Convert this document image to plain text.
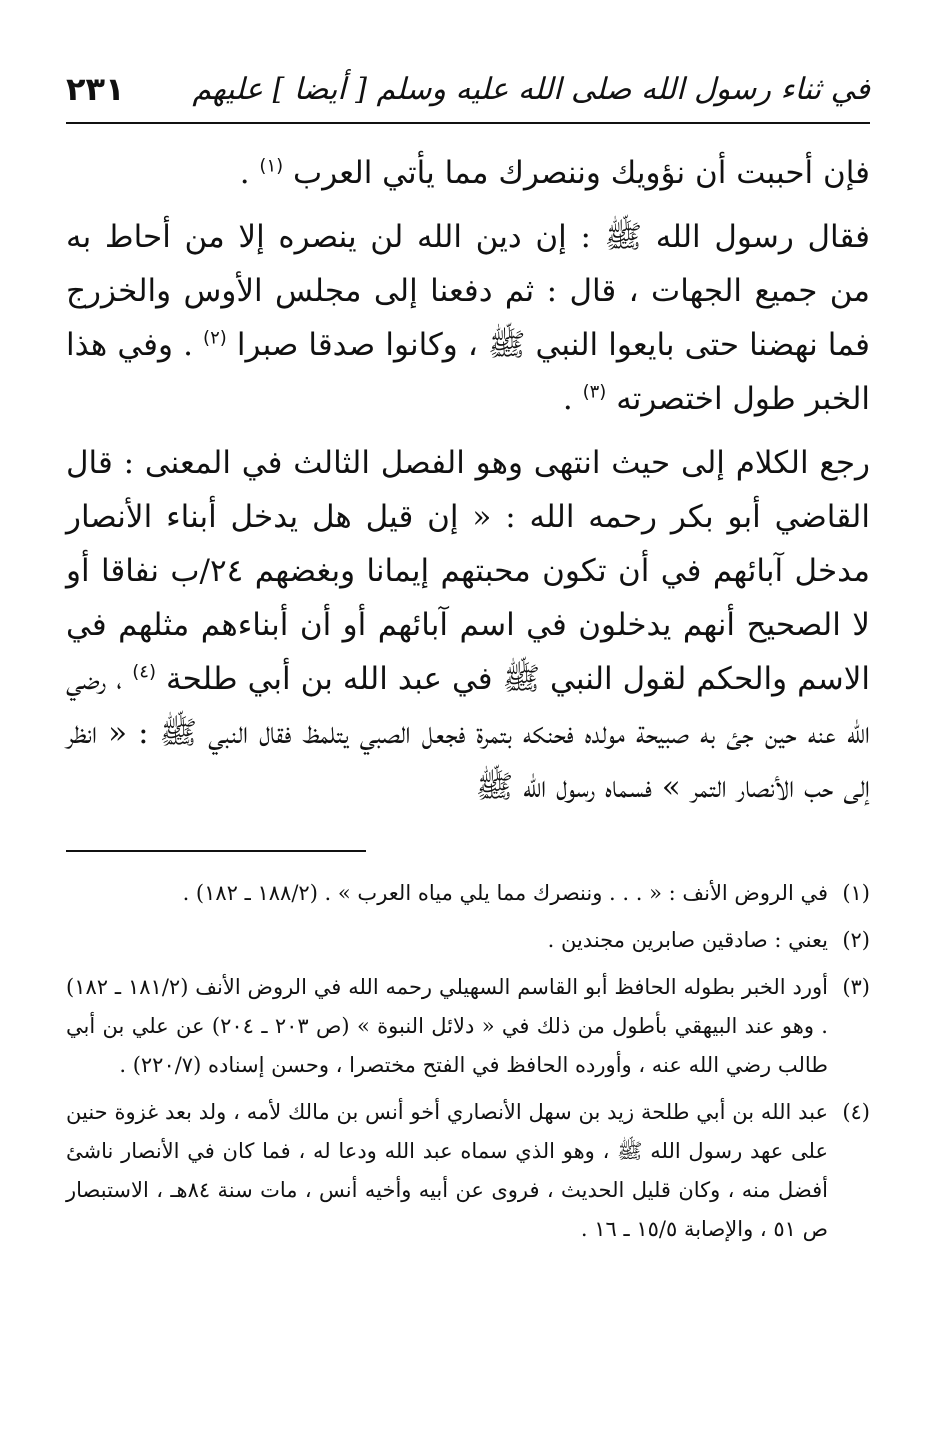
في ثناء رسول الله صلى الله عليه وسلم [ أيضا ] عليهم
٢٣١

فإن أحببت أن نؤويك وننصرك مما يأتي العرب $^{(١)}$ .

فقال رسول الله ﷺ : إن دين الله لن ينصره إلا من أحاط به من جميع الجهات ، قال : ثم دفعنا إلى مجلس الأوس والخزرج فما نهضنا حتى بايعوا النبي ﷺ ، وكانوا صدقا صبرا $^{(٢)}$ . وفي هذا الخبر طول اختصرته $^{(٣)}$ .

رجع الكلام إلى حيث انتهى وهو الفصل الثالث في المعنى : قال القاضي أبو بكر رحمه الله : « إن قيل هل يدخل أبناء الأنصار مدخل آبائهم في أن تكون محبتهم إيمانا وبغضهم ٢٤/ب نفاقا أو لا الصحيح أنهم يدخلون في اسم آبائهم أو أن أبناءهم مثلهم في الاسم والحكم لقول النبي ﷺ في عبد الله بن أبي طلحة $^{(٤)}$ ، رضي الله عنه حين جئ به صبيحة مولده فحنكه بتمرة فجعل الصبي يتلمظ فقال النبي ﷺ : « انظر إلى حب الأنصار التمر » فسماه رسول الله ﷺ

(١)
في الروض الأنف : « . . . وننصرك مما يلي مياه العرب » . (١٨٨/٢ ـ ١٨٢) .

(٢)
يعني : صادقين صابرين مجندين .

(٣)
أورد الخبر بطوله الحافظ أبو القاسم السهيلي رحمه الله في الروض الأنف (١٨١/٢ ـ ١٨٢) . وهو عند البيهقي بأطول من ذلك في « دلائل النبوة » (ص ٢٠٣ ـ ٢٠٤) عن علي بن أبي طالب رضي الله عنه ، وأورده الحافظ في الفتح مختصرا ، وحسن إسناده (٢٢٠/٧) .

(٤)
عبد الله بن أبي طلحة زيد بن سهل الأنصاري أخو أنس بن مالك لأمه ، ولد بعد غزوة حنين على عهد رسول الله ﷺ ، وهو الذي سماه عبد الله ودعا له ، فما كان في الأنصار ناشئ أفضل منه ، وكان قليل الحديث ، فروى عن أبيه وأخيه أنس ، مات سنة ٨٤هـ ، الاستبصار ص ٥١ ، والإصابة ١٥/٥ ـ ١٦ .
